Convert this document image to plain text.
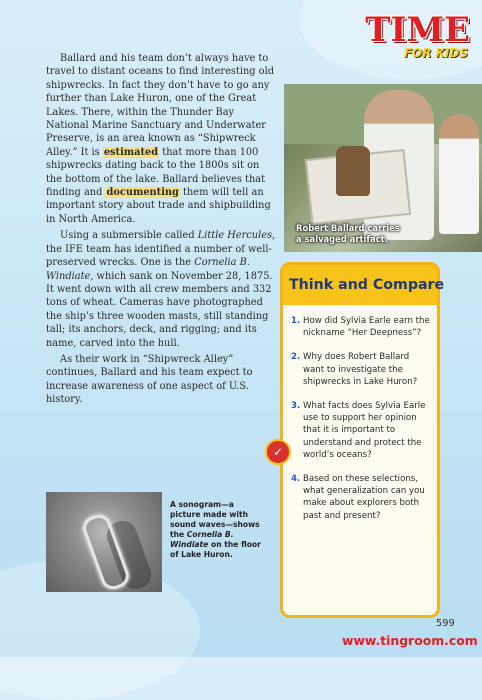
TIME
FOR KIDS

Ballard and his team don’t always have to travel to distant oceans to find interesting old shipwrecks. In fact they don’t have to go any further than Lake Huron, one of the Great Lakes. There, within the Thunder Bay National Marine Sanctuary and Underwater Preserve, is an area known as “Shipwreck Alley.” It is estimated that more than 100 shipwrecks dating back to the 1800s sit on the bottom of the lake. Ballard believes that finding and documenting them will tell an important story about trade and shipbuilding in North America.

Using a submersible called Little Hercules, the IFE team has identified a number of well-preserved wrecks. One is the Cornelia B. Windiate, which sank on November 28, 1875. It went down with all crew members and 332 tons of wheat. Cameras have photographed the ship’s three wooden masts, still standing tall; its anchors, deck, and rigging; and its name, carved into the hull.

As their work in “Shipwreck Alley” continues, Ballard and his team expect to increase awareness of one aspect of U.S. history.

Robert Ballard carries
a salvaged artifact.
Think and Compare
1. How did Sylvia Earle earn the nickname “Her Deepness”?
2. Why does Robert Ballard want to investigate the shipwrecks in Lake Huron?
3. What facts does Sylvia Earle use to support her opinion that it is important to understand and protect the world’s oceans?
4. Based on these selections, what generalization can you make about explorers both past and present?
✓
A sonogram—a picture made with sound waves—shows the Cornelia B. Windiate on the floor of Lake Huron.
599
www.tingroom.com
